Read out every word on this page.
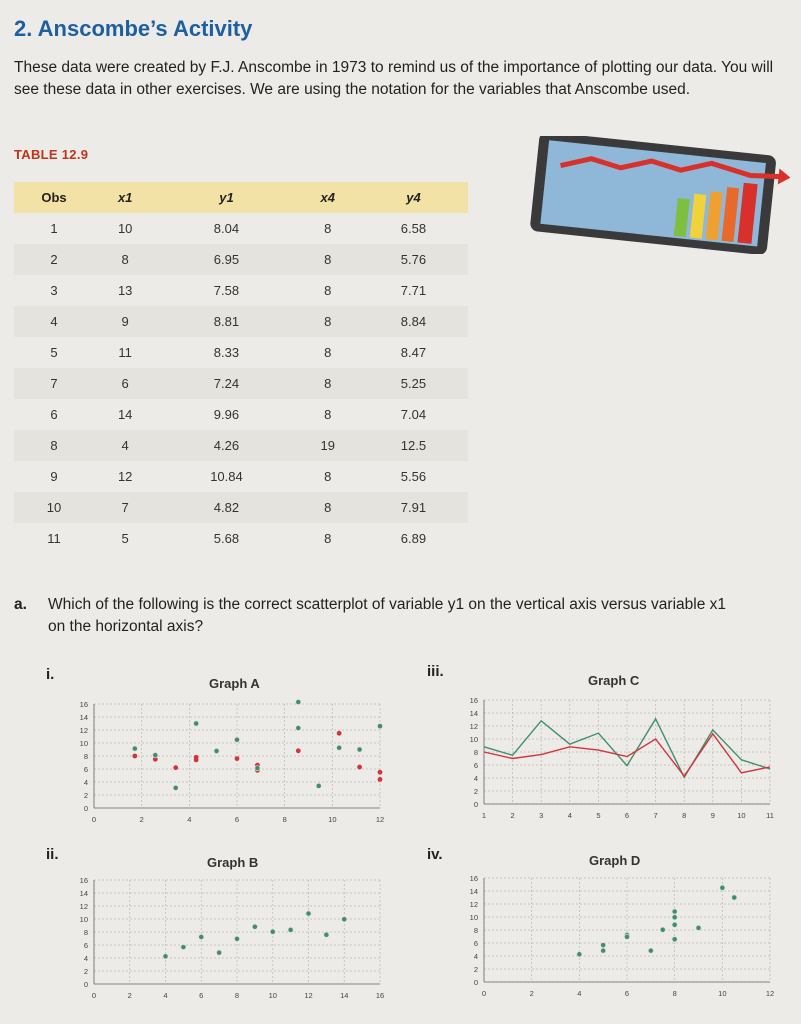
2. Anscombe’s Activity
These data were created by F.J. Anscombe in 1973 to remind us of the importance of plotting our data. You will see these data in other exercises. We are using the notation for the variables that Anscombe used.
TABLE 12.9
Obs	x1	y1	x4	y4
1	10	8.04	8	6.58
2	8	6.95	8	5.76
3	13	7.58	8	7.71
4	9	8.81	8	8.84
5	11	8.33	8	8.47
7	6	7.24	8	5.25
6	14	9.96	8	7.04
8	4	4.26	19	12.5
9	12	10.84	8	5.56
10	7	4.82	8	7.91
11	5	5.68	8	6.89
a. Which of the following is the correct scatterplot of variable y1 on the vertical axis versus variable x1 on the horizontal axis?
i.
Graph A
iii.
Graph C
ii.	Graph B	iv.	Graph D
0
2
4
6
8
10
12
14
16
0	2	4	6	8	10	12
0
2
4
6
8
10
12
14
16
1	2	3	4	5	6	7	8	9	10	11
0
2
4
6
8
10
12
14
16
0	2	4	6	8	10	12	14	16
0
2
4
6
8
10
12
14
16
0	2	4	6	8	10	12
